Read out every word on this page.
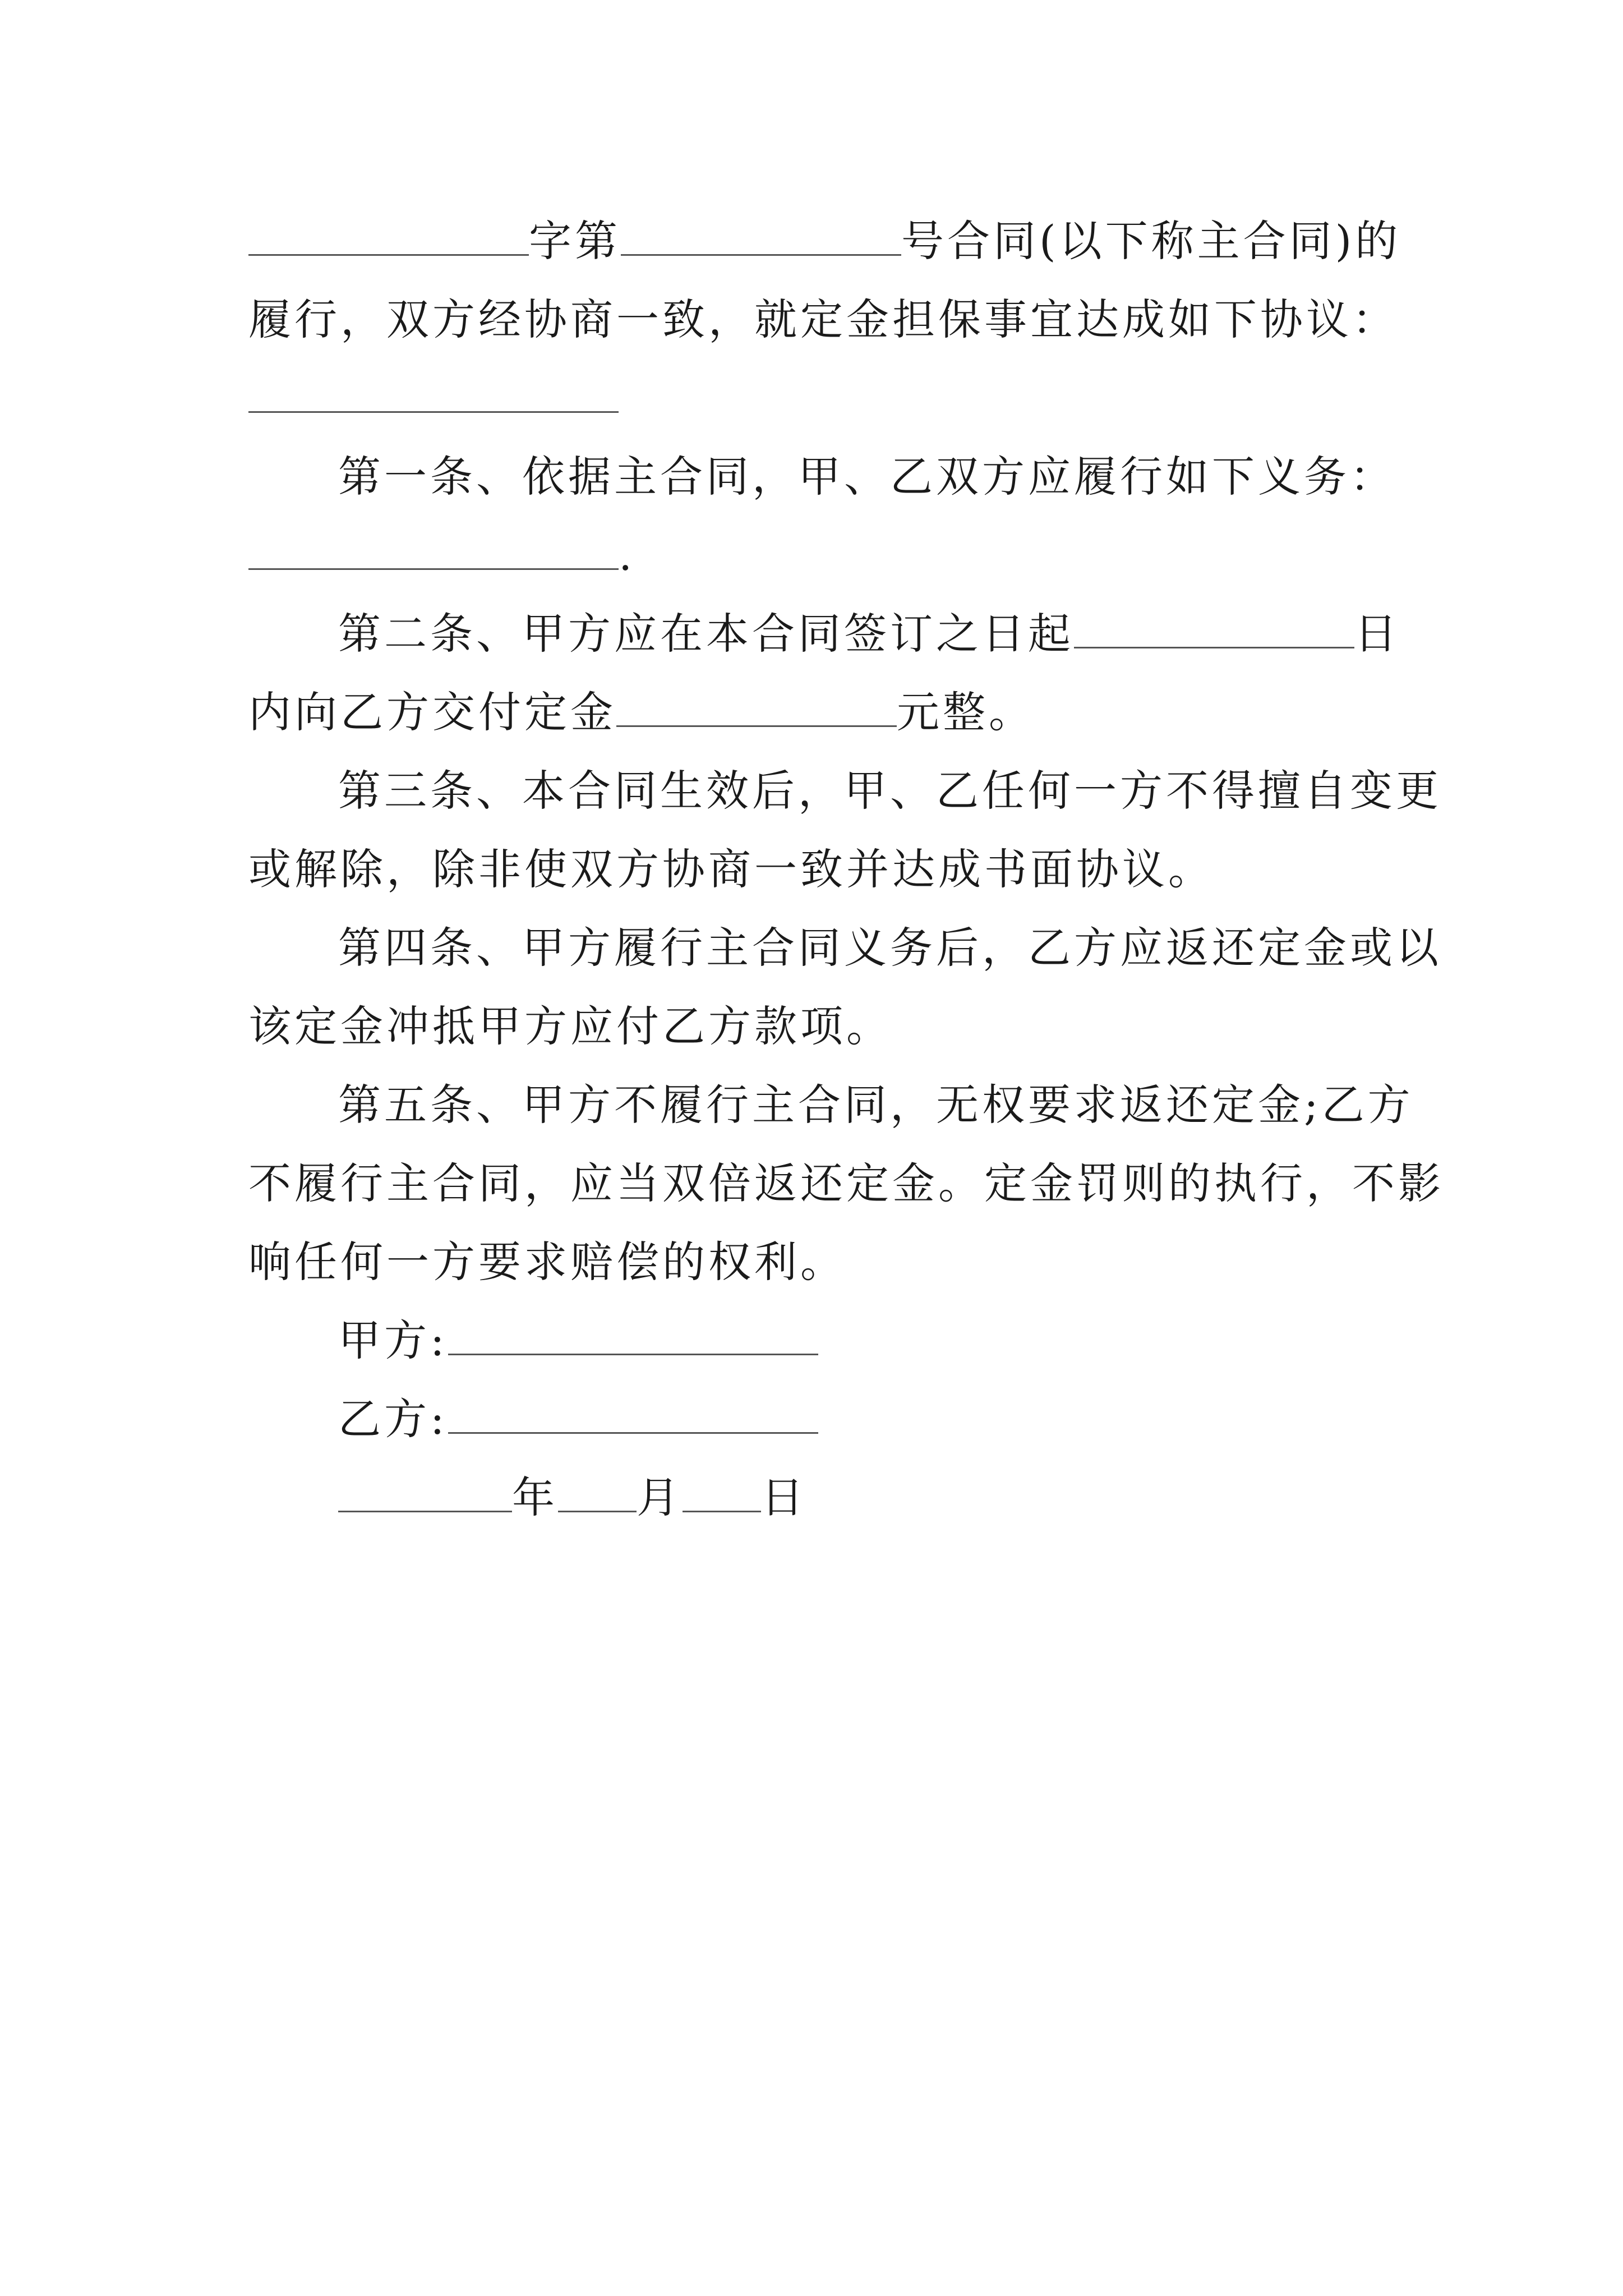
字第	号合同(以下称主合同)的
履行，双方经协商一致，就定金担保事宜达成如下协议：
第一条、依据主合同，甲、乙双方应履行如下义务：
.
第二条、甲方应在本合同签订之日起	日
内向乙方交付定金	元整。
第三条、本合同生效后，甲、乙任何一方不得擅自变更
或解除，除非使双方协商一致并达成书面协议。
第四条、甲方履行主合同义务后，乙方应返还定金或以
该定金冲抵甲方应付乙方款项。
第五条、甲方不履行主合同，无权要求返还定金;乙方
不履行主合同，应当双倍返还定金。定金罚则的执行，不影
响任何一方要求赔偿的权利。
甲方:
乙方:
年 月 日
